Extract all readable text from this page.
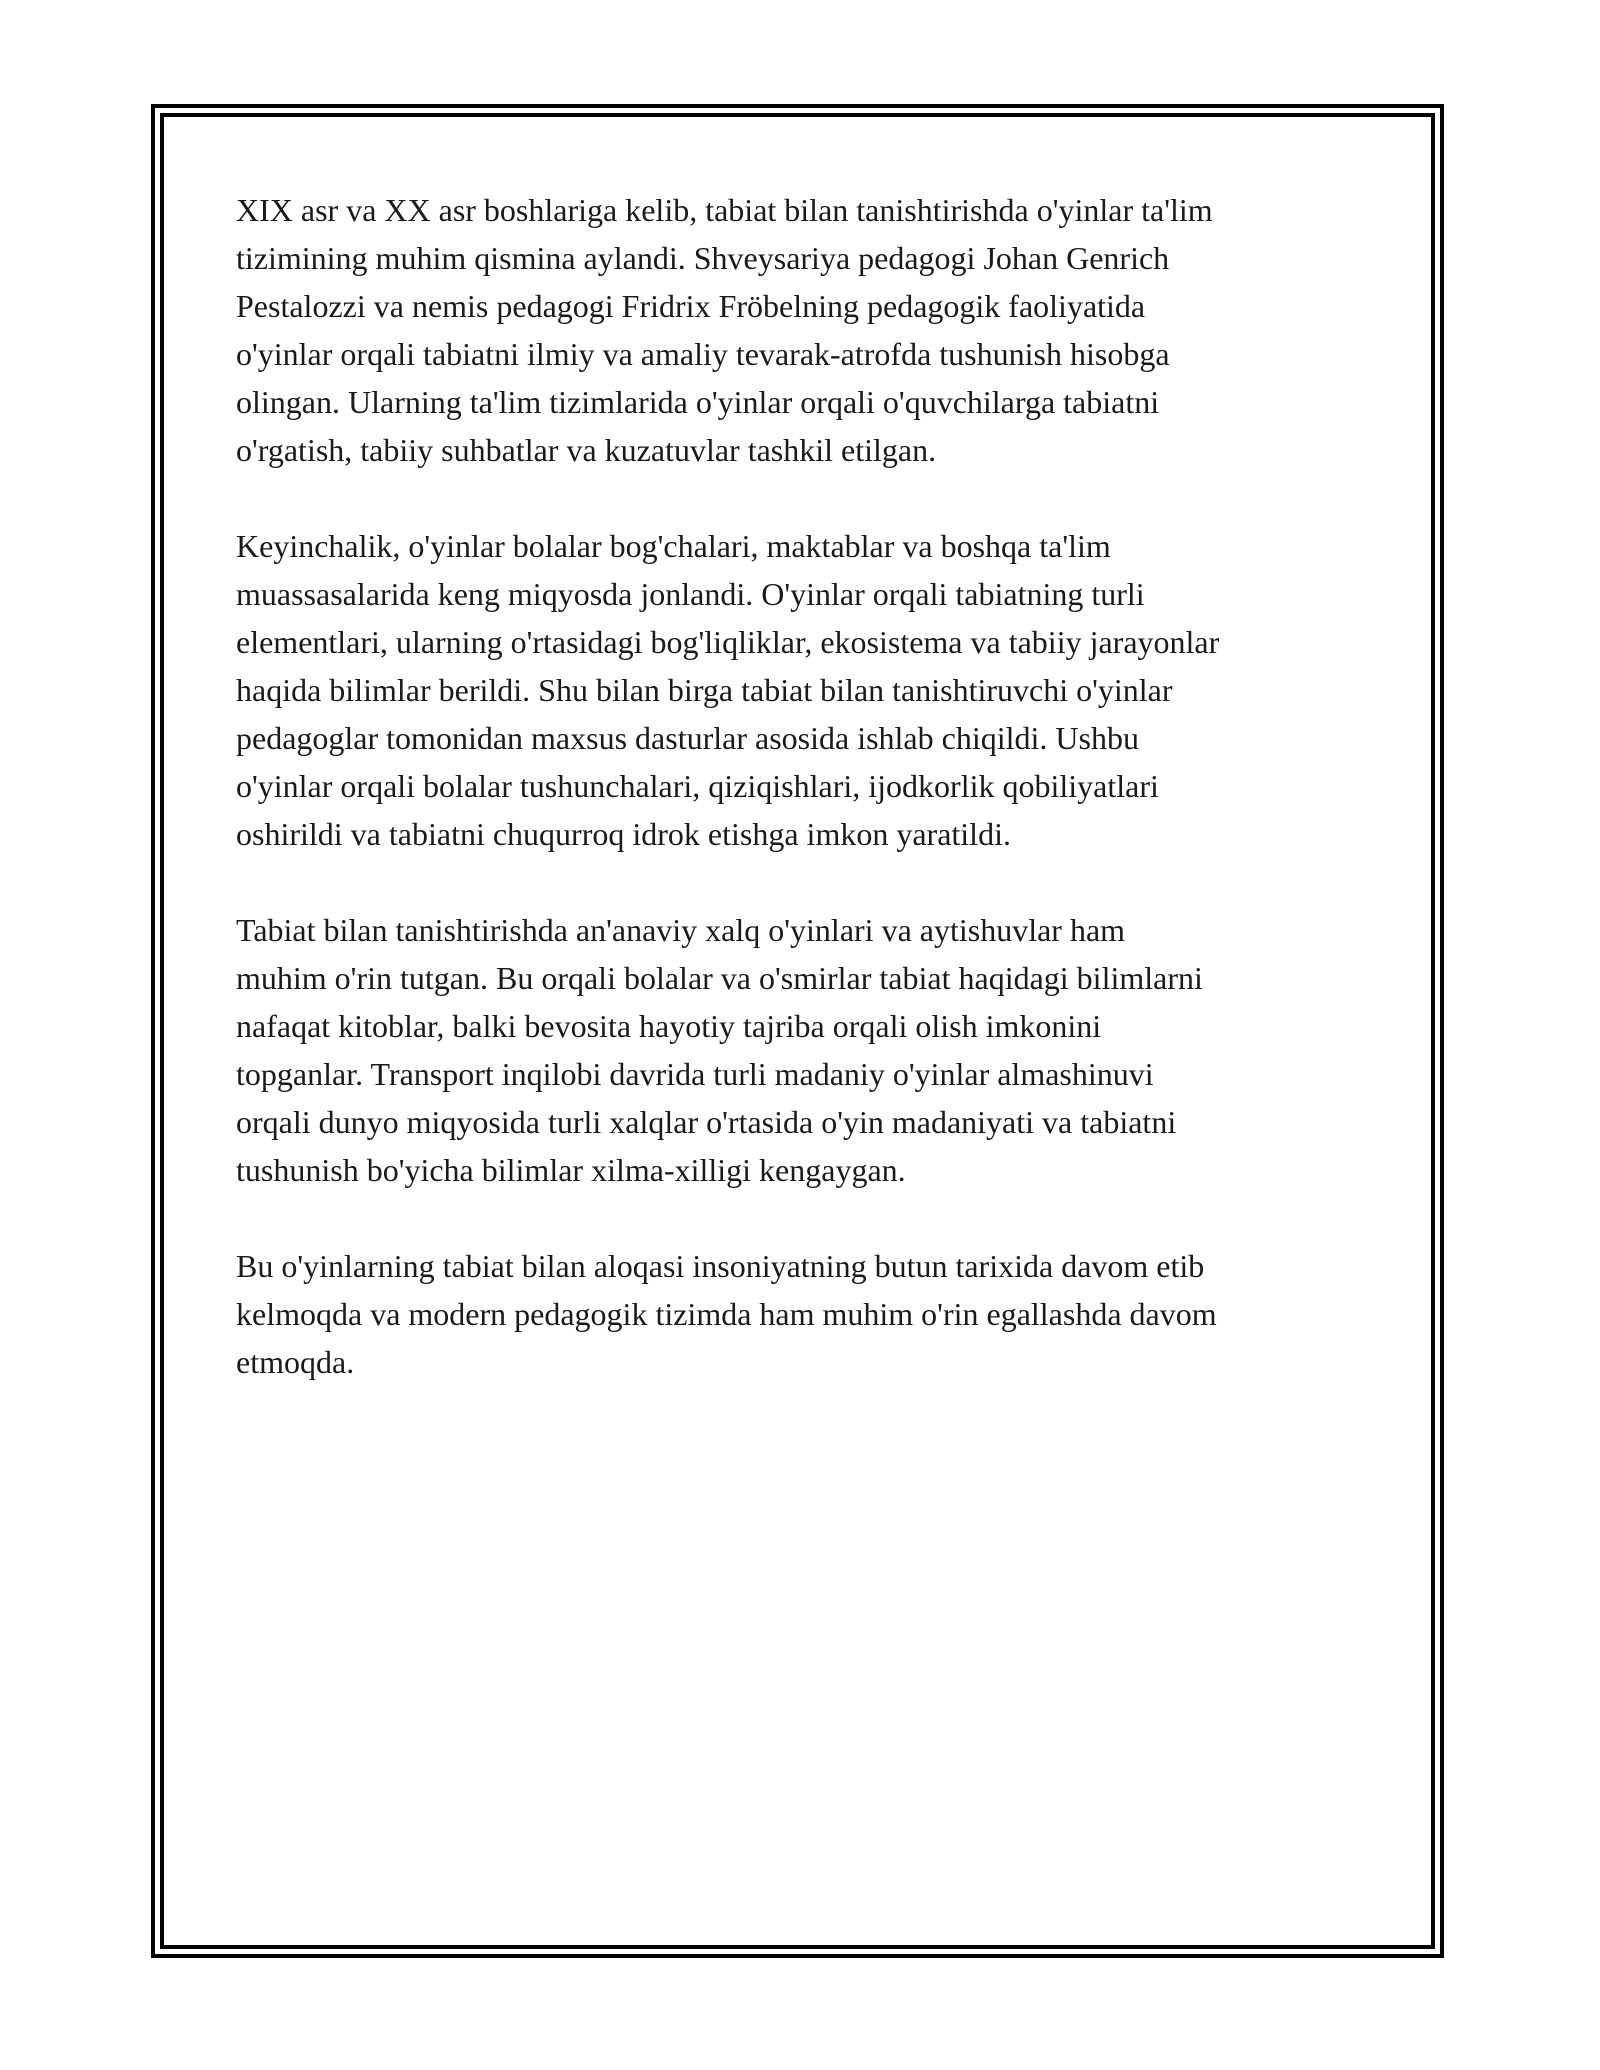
XIX asr va XX asr boshlariga kelib, tabiat bilan tanishtirishda o'yinlar ta'lim
tizimining muhim qismina aylandi. Shveysariya pedagogi Johan Genrich
Pestalozzi va nemis pedagogi Fridrix Fröbelning pedagogik faoliyatida
o'yinlar orqali tabiatni ilmiy va amaliy tevarak-atrofda tushunish hisobga
olingan. Ularning ta'lim tizimlarida o'yinlar orqali o'quvchilarga tabiatni
o'rgatish, tabiiy suhbatlar va kuzatuvlar tashkil etilgan.

Keyinchalik, o'yinlar bolalar bog'chalari, maktablar va boshqa ta'lim
muassasalarida keng miqyosda jonlandi. O'yinlar orqali tabiatning turli
elementlari, ularning o'rtasidagi bog'liqliklar, ekosistema va tabiiy jarayonlar
haqida bilimlar berildi. Shu bilan birga tabiat bilan tanishtiruvchi o'yinlar
pedagoglar tomonidan maxsus dasturlar asosida ishlab chiqildi. Ushbu
o'yinlar orqali bolalar tushunchalari, qiziqishlari, ijodkorlik qobiliyatlari
oshirildi va tabiatni chuqurroq idrok etishga imkon yaratildi.

Tabiat bilan tanishtirishda an'anaviy xalq o'yinlari va aytishuvlar ham
muhim o'rin tutgan. Bu orqali bolalar va o'smirlar tabiat haqidagi bilimlarni
nafaqat kitoblar, balki bevosita hayotiy tajriba orqali olish imkonini
topganlar. Transport inqilobi davrida turli madaniy o'yinlar almashinuvi
orqali dunyo miqyosida turli xalqlar o'rtasida o'yin madaniyati va tabiatni
tushunish bo'yicha bilimlar xilma-xilligi kengaygan.

Bu o'yinlarning tabiat bilan aloqasi insoniyatning butun tarixida davom etib
kelmoqda va modern pedagogik tizimda ham muhim o'rin egallashda davom
etmoqda.
